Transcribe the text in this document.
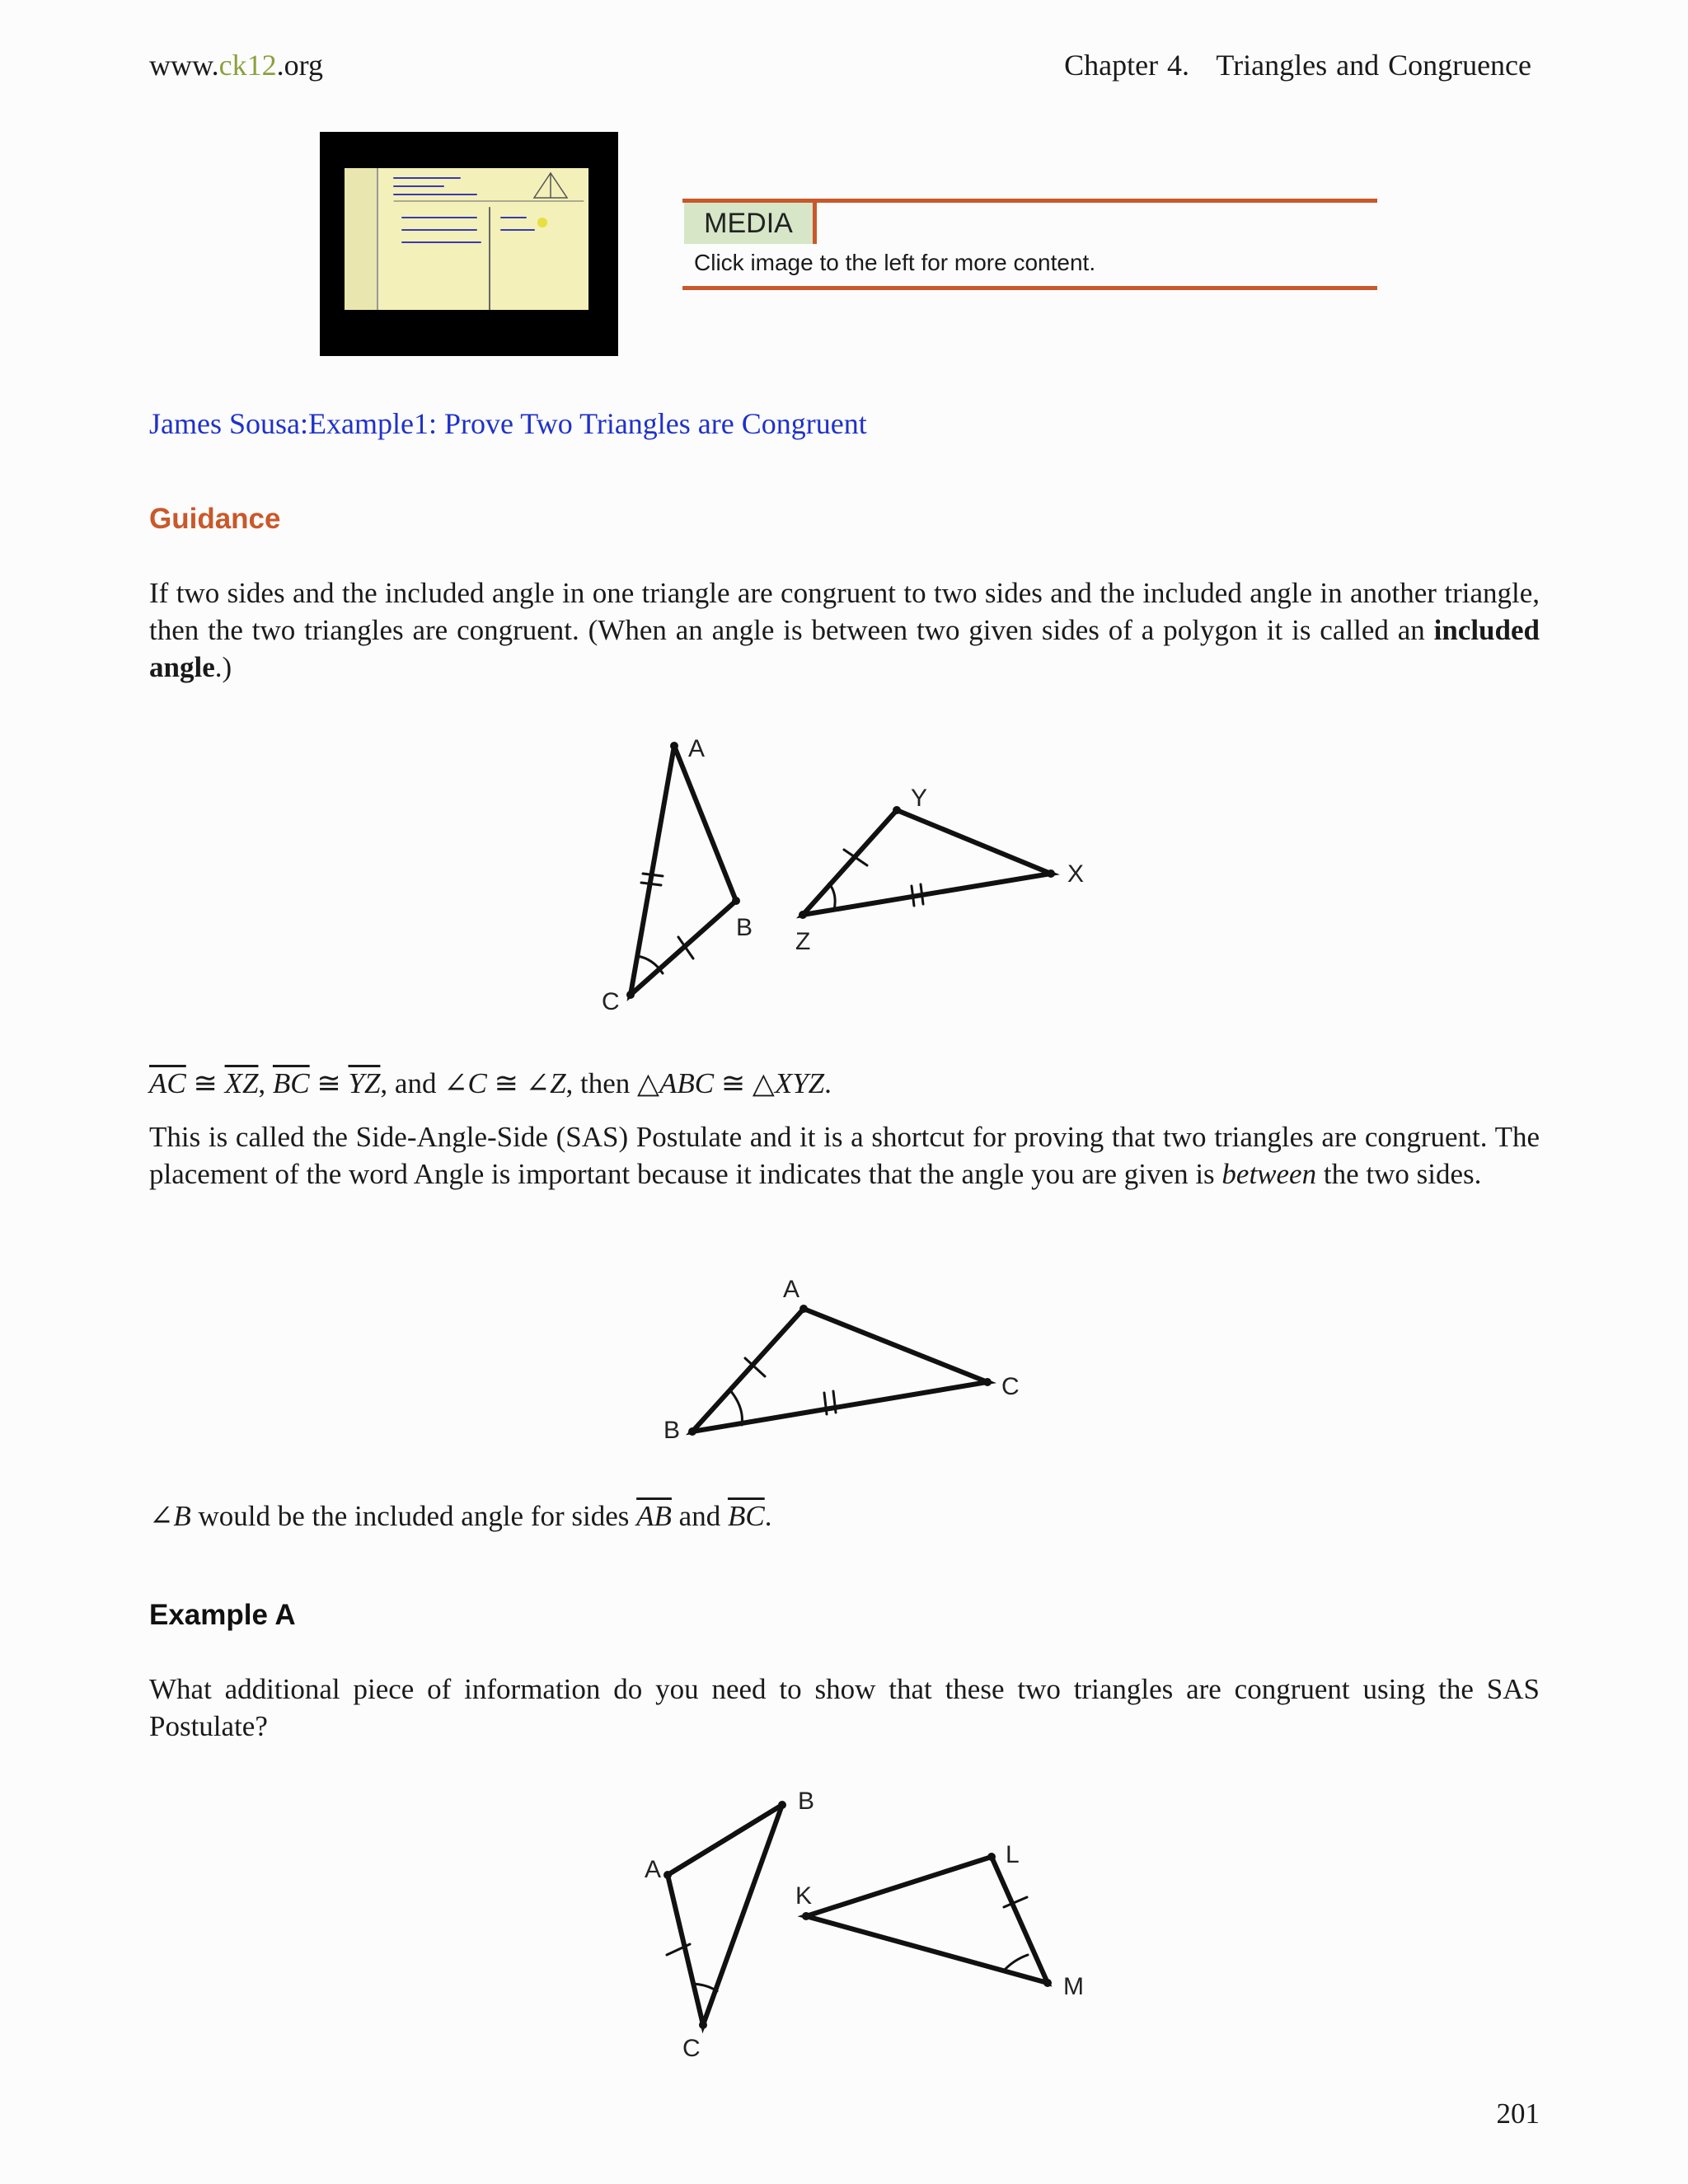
www.ck12.org	Chapter 4.   Triangles and Congruence
MEDIA
Click image to the left for more content.
James Sousa:Example1: Prove Two Triangles are Congruent
Guidance
If two sides and the included angle in one triangle are congruent to two sides and the included angle in another triangle, then the two triangles are congruent. (When an angle is between two given sides of a polygon it is called an included angle.)
A
B
C
Y
X
Z
$\overline{AC}$ ≅ $\overline{XZ}$, $\overline{BC}$ ≅ $\overline{YZ}$, and ∠C ≅ ∠Z, then △ABC ≅ △XYZ.
This is called the Side-Angle-Side (SAS) Postulate and it is a shortcut for proving that two triangles are congruent. The placement of the word Angle is important because it indicates that the angle you are given is between the two sides.
A
C
B
∠B would be the included angle for sides $\overline{AB}$ and $\overline{BC}$.
Example A
What additional piece of information do you need to show that these two triangles are congruent using the SAS Postulate?
B
A
C
L
K
M
201
